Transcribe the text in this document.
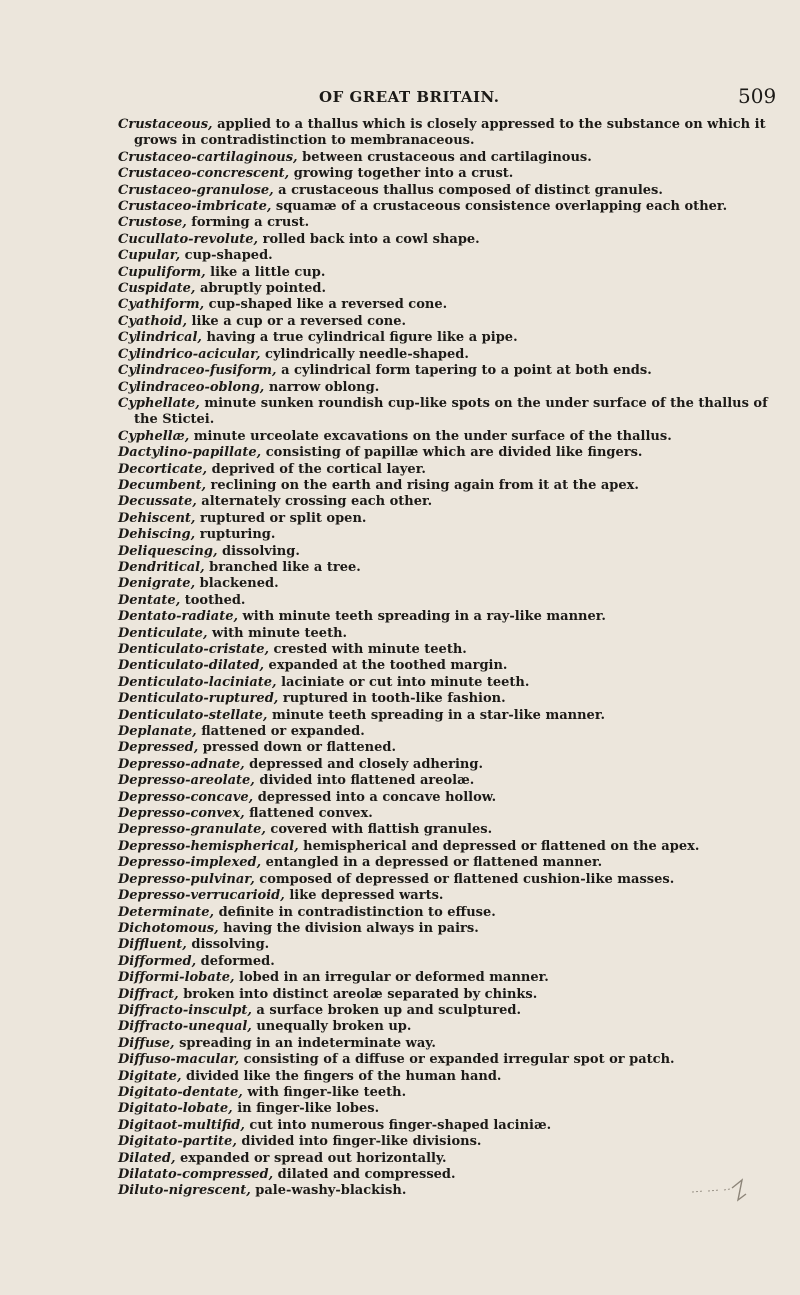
OF GREAT BRITAIN.	509
Crustaceous, applied to a thallus which is closely appressed to the substance on which it grows in contradistinction to membranaceous.
Crustaceo-cartilaginous, between crustaceous and cartilaginous.
Crustaceo-concrescent, growing together into a crust.
Crustaceo-granulose, a crustaceous thallus composed of distinct granules.
Crustaceo-imbricate, squamæ of a crustaceous consistence overlapping each other.
Crustose, forming a crust.
Cucullato-revolute, rolled back into a cowl shape.
Cupular, cup-shaped.
Cupuliform, like a little cup.
Cuspidate, abruptly pointed.
Cyathiform, cup-shaped like a reversed cone.
Cyathoid, like a cup or a reversed cone.
Cylindrical, having a true cylindrical figure like a pipe.
Cylindrico-acicular, cylindrically needle-shaped.
Cylindraceo-fusiform, a cylindrical form tapering to a point at both ends.
Cylindraceo-oblong, narrow oblong.
Cyphellate, minute sunken roundish cup-like spots on the under surface of the thallus of the Stictei.
Cyphellæ, minute urceolate excavations on the under surface of the thallus.
Dactylino-papillate, consisting of papillæ which are divided like fingers.
Decorticate, deprived of the cortical layer.
Decumbent, reclining on the earth and rising again from it at the apex.
Decussate, alternately crossing each other.
Dehiscent, ruptured or split open.
Dehiscing, rupturing.
Deliquescing, dissolving.
Dendritical, branched like a tree.
Denigrate, blackened.
Dentate, toothed.
Dentato-radiate, with minute teeth spreading in a ray-like manner.
Denticulate, with minute teeth.
Denticulato-cristate, crested with minute teeth.
Denticulato-dilated, expanded at the toothed margin.
Denticulato-laciniate, laciniate or cut into minute teeth.
Denticulato-ruptured, ruptured in tooth-like fashion.
Denticulato-stellate, minute teeth spreading in a star-like manner.
Deplanate, flattened or expanded.
Depressed, pressed down or flattened.
Depresso-adnate, depressed and closely adhering.
Depresso-areolate, divided into flattened areolæ.
Depresso-concave, depressed into a concave hollow.
Depresso-convex, flattened convex.
Depresso-granulate, covered with flattish granules.
Depresso-hemispherical, hemispherical and depressed or flattened on the apex.
Depresso-implexed, entangled in a depressed or flattened manner.
Depresso-pulvinar, composed of depressed or flattened cushion-like masses.
Depresso-verrucarioid, like depressed warts.
Determinate, definite in contradistinction to effuse.
Dichotomous, having the division always in pairs.
Diffluent, dissolving.
Difformed, deformed.
Difformi-lobate, lobed in an irregular or deformed manner.
Diffract, broken into distinct areolæ separated by chinks.
Diffracto-insculpt, a surface broken up and sculptured.
Diffracto-unequal, unequally broken up.
Diffuse, spreading in an indeterminate way.
Diffuso-macular, consisting of a diffuse or expanded irregular spot or patch.
Digitate, divided like the fingers of the human hand.
Digitato-dentate, with finger-like teeth.
Digitato-lobate, in finger-like lobes.
Digitaot-multifid, cut into numerous finger-shaped laciniæ.
Digitato-partite, divided into finger-like divisions.
Dilated, expanded or spread out horizontally.
Dilatato-compressed, dilated and compressed.
Diluto-nigrescent, pale-washy-blackish.
